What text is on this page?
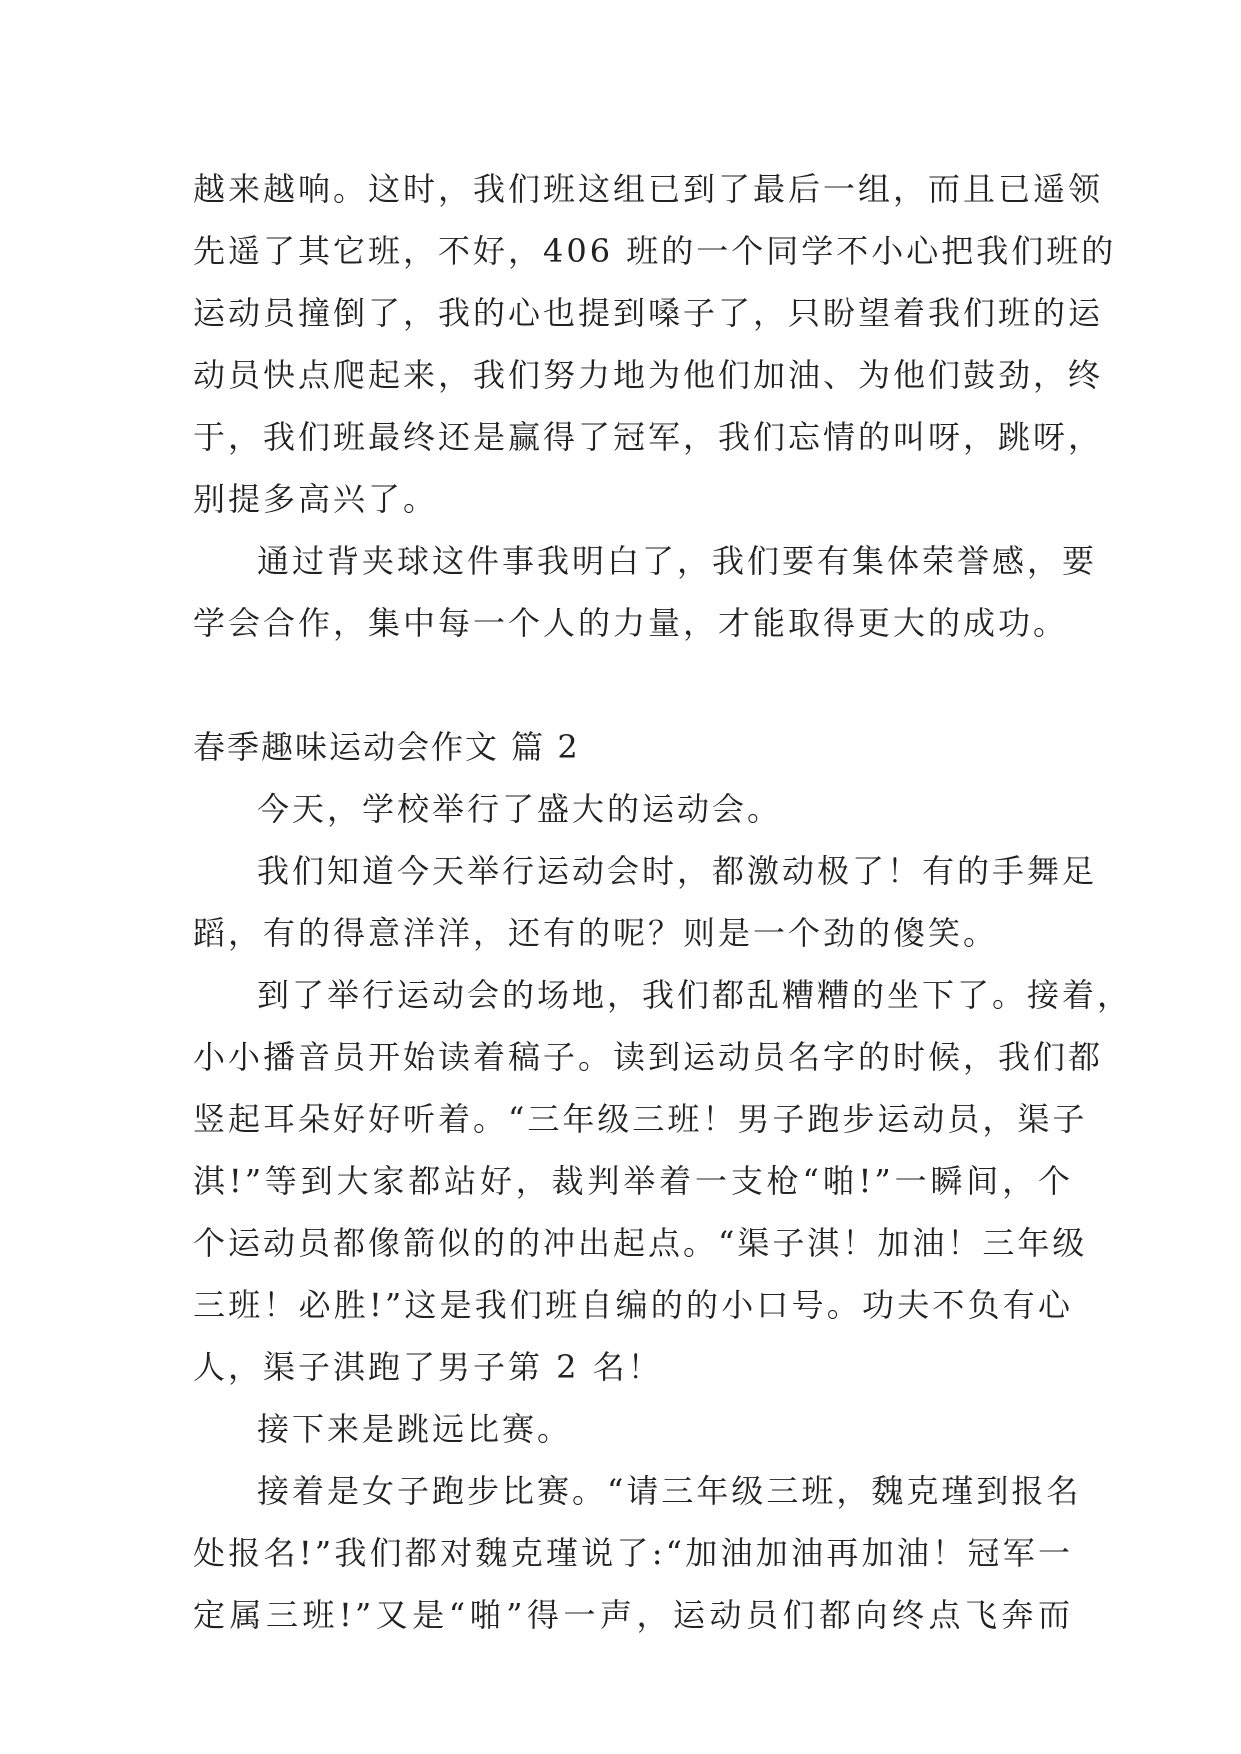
越来越响。这时，我们班这组已到了最后一组，而且已遥领
先遥了其它班，不好，406 班的一个同学不小心把我们班的
运动员撞倒了，我的心也提到嗓子了，只盼望着我们班的运
动员快点爬起来，我们努力地为他们加油、为他们鼓劲，终
于，我们班最终还是赢得了冠军，我们忘情的叫呀，跳呀，
别提多高兴了。
通过背夹球这件事我明白了，我们要有集体荣誉感，要
学会合作，集中每一个人的力量，才能取得更大的成功。
春季趣味运动会作文 篇 2
今天，学校举行了盛大的运动会。
我们知道今天举行运动会时，都激动极了！有的手舞足
蹈，有的得意洋洋，还有的呢？则是一个劲的傻笑。
到了举行运动会的场地，我们都乱糟糟的坐下了。接着，
小小播音员开始读着稿子。读到运动员名字的时候，我们都
竖起耳朵好好听着。“三年级三班！男子跑步运动员，渠子
淇!”等到大家都站好，裁判举着一支枪“啪!”一瞬间，个
个运动员都像箭似的的冲出起点。“渠子淇！加油！三年级
三班！必胜!”这是我们班自编的的小口号。功夫不负有心
人，渠子淇跑了男子第 2 名！
接下来是跳远比赛。
接着是女子跑步比赛。“请三年级三班，魏克瑾到报名
处报名!”我们都对魏克瑾说了:“加油加油再加油！冠军一
定属三班!”又是“啪”得一声，运动员们都向终点飞奔而
